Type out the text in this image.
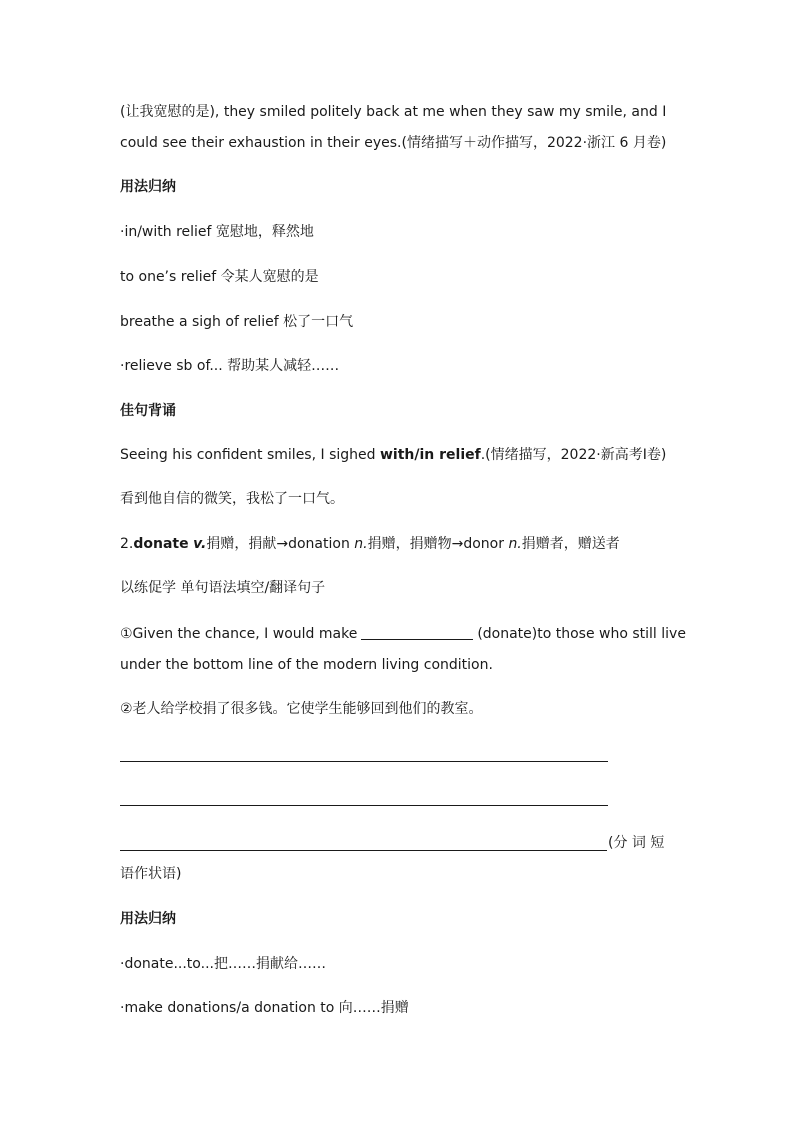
(让我宽慰的是), they smiled politely back at me when they saw my smile, and I
could see their exhaustion in their eyes.(情绪描写＋动作描写，2022·浙江 6 月卷)
用法归纳
·in/with relief 宽慰地，释然地
to one’s relief 令某人宽慰的是
breathe a sigh of relief 松了一口气
·relieve sb of... 帮助某人减轻……
佳句背诵
Seeing his confident smiles, I sighed with/in relief.(情绪描写，2022·新高考Ⅰ卷)
看到他自信的微笑，我松了一口气。
2.donate v.捐赠，捐献→donation n.捐赠，捐赠物→donor n.捐赠者，赠送者
以练促学 单句语法填空/翻译句子
①Given the chance, I would make	(donate)to those who still live
under the bottom line of the modern living condition.
②老人给学校捐了很多钱。它使学生能够回到他们的教室。
(分 词 短
语作状语)
用法归纳
·donate...to...把……捐献给……
·make donations/a donation to 向……捐赠
